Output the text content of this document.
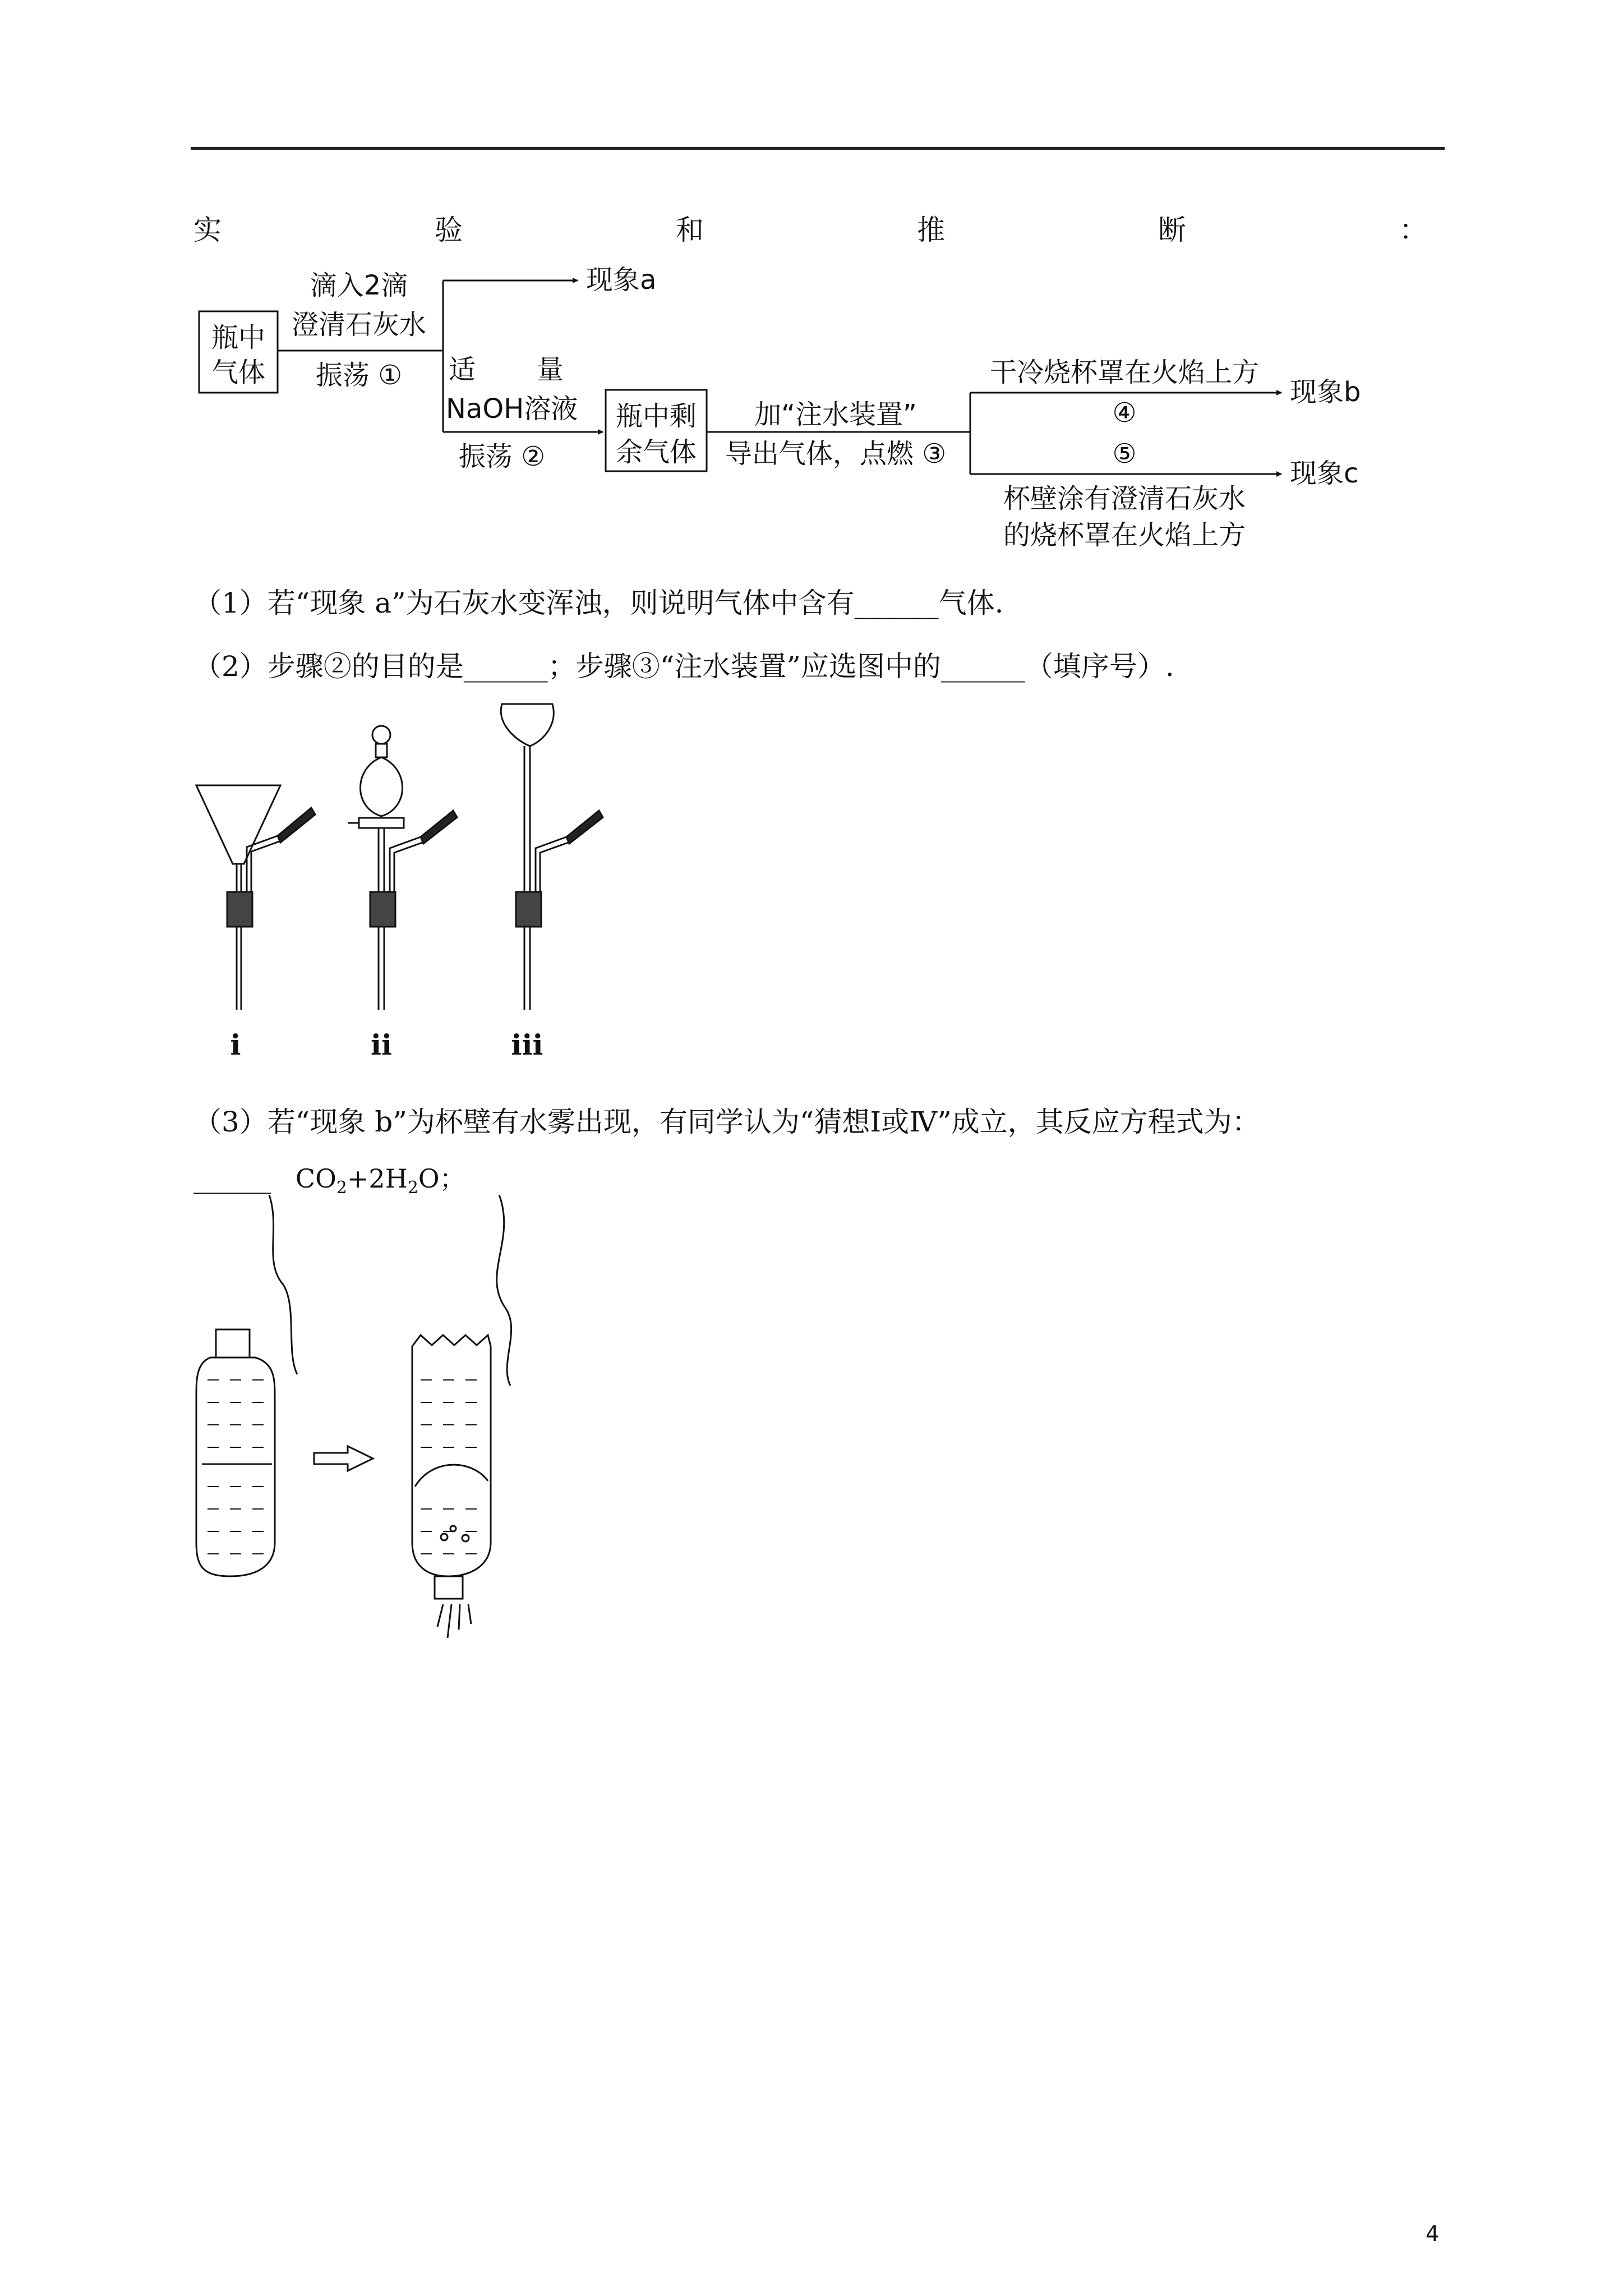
实	验	和	推	断	：
瓶中
气体
滴入2滴
澄清石灰水
振荡 ①
现象a
适 量
NaOH溶液
振荡 ②
瓶中剩
余气体
加“注水装置”
导出气体，点燃 ③
干冷烧杯罩在火焰上方
④
现象b
⑤
杯壁涂有澄清石灰水
的烧杯罩在火焰上方
现象c
（1）若“现象 a”为石灰水变浑浊，则说明气体中含有______气体.
（2）步骤②的目的是______；步骤③“注水装置”应选图中的______（填序号）.
i	ii	iii
（3）若“现象 b”为杯壁有水雾出现，有同学认为“猜想Ⅰ或Ⅳ”成立，其反应方程式为：
______ $CO_2+2H_2O$；
4
